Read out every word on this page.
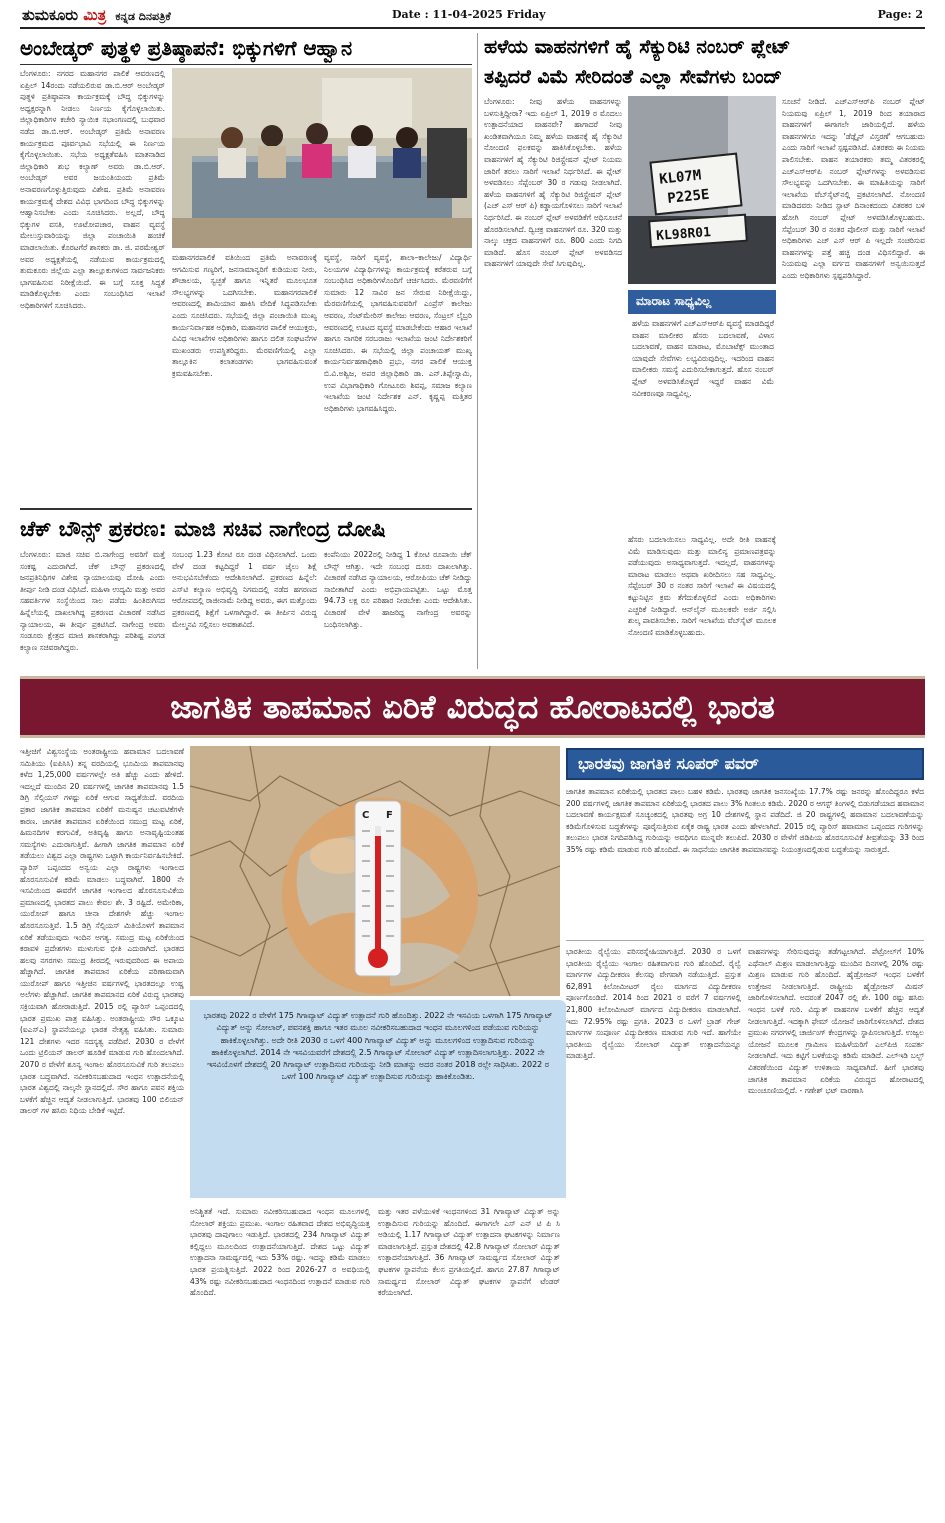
ತುಮಕೂರು ಮಿತ್ರ ಕನ್ನಡ ದಿನಪತ್ರಿಕೆ	Date : 11-04-2025 Friday	Page: 2
ಅಂಬೇಡ್ಕರ್ ಪುತ್ಥಳಿ ಪ್ರತಿಷ್ಠಾಪನೆ: ಭಿಕ್ಕುಗಳಿಗೆ ಆಹ್ವಾನ
ಬೆಂಗಳೂರು: ನಗರದ ಮಹಾನಗರ ಪಾಲಿಕೆ ಆವರಣದಲ್ಲಿ ಏಪ್ರಿಲ್ 14ರಂದು ನಡೆಯಲಿರುವ ಡಾ.ಬಿ.ಆರ್ ಅಂಬೇಡ್ಕರ್ ಪುತ್ಥಳಿ ಪ್ರತಿಷ್ಠಾಪನಾ ಕಾರ್ಯಕ್ರಮಕ್ಕೆ ಬೌದ್ಧ ಭಿಕ್ಕುಗಳನ್ನು ಅಧ್ಯಕ್ಷರನ್ನಾಗಿ ನೀಡಲು ನಿರ್ಣಯ ಕೈಗೊಳ್ಳಲಾಯಿತು. ಜಿಲ್ಲಾಧಿಕಾರಿಗಳ ಕಚೇರಿ ನ್ಯಾಯಿಕ ಸಭಾಂಗಣದಲ್ಲಿ ಬುಧವಾರ ನಡೆದ ಡಾ.ಬಿ.ಆರ್. ಅಂಬೇಡ್ಕರ್ ಪ್ರತಿಮೆ ಅನಾವರಣ ಕಾರ್ಯಕ್ರಮದ ಪೂರ್ವಭಾವಿ ಸಭೆಯಲ್ಲಿ ಈ ನಿರ್ಣಯ ಕೈಗೊಳ್ಳಲಾಯಿತು. ಸಭೆಯ ಅಧ್ಯಕ್ಷತೆವಹಿಸಿ ಮಾತನಾಡಿದ ಜಿಲ್ಲಾಧಿಕಾರಿ ಶುಭ ಕಲ್ಯಾಣ್ ಅವರು ಡಾ.ಬಿ.ಆರ್. ಅಂಬೇಡ್ಕರ್ ಅವರ ಜಯಂತಿಯಂದು ಪ್ರತಿಮೆ ಅನಾವರಣಗೊಳ್ಳುತ್ತಿರುವುದು ವಿಶೇಷ. ಪ್ರತಿಮೆ ಅನಾವರಣ ಕಾರ್ಯಕ್ರಮಕ್ಕೆ ದೇಶದ ವಿವಿಧ ಭಾಗದಿಂದ ಬೌದ್ಧ ಭಿಕ್ಕುಗಳನ್ನು ಆಹ್ವಾನಿಸಬೇಕು ಎಂದು ಸೂಚಿಸಿದರು. ಅಲ್ಲದೆ, ಬೌದ್ಧ ಭಿಕ್ಕುಗಳ ವಸತಿ, ಊಟೋಪಚಾರ, ವಾಹನ ವ್ಯವಸ್ಥೆ ಮೇಲುಸ್ತುವಾರಿಯನ್ನು ಜಿಲ್ಲಾ ಪಂಚಾಯಿತಿ ಹಂಚಿಕೆ ಮಾಡಲಾಯಿತು. ಕೊರಟಗೆರೆ ಶಾಸಕರು ಡಾ. ಜಿ. ಪರಮೇಶ್ವರ್ ಅವರ ಅಧ್ಯಕ್ಷತೆಯಲ್ಲಿ ನಡೆಯುವ ಕಾರ್ಯಕ್ರಮದಲ್ಲಿ ತುಮಕೂರು ಜಿಲ್ಲೆಯ ಎಲ್ಲಾ ತಾಲ್ಲೂಕುಗಳಿಂದ ಸಾರ್ವಜನಿಕರು ಭಾಗವಹಿಸುವ ನಿರೀಕ್ಷೆಯಿದೆ. ಈ ಬಗ್ಗೆ ಸೂಕ್ತ ಸಿದ್ಧತೆ ಮಾಡಿಕೊಳ್ಳಬೇಕು ಎಂದು ಸಂಬಂಧಿಸಿದ ಇಲಾಖೆ ಅಧಿಕಾರಿಗಳಿಗೆ ಸೂಚಿಸಿದರು.
ಮಹಾನಗರಪಾಲಿಕೆ ವತಿಯಿಂದ ಪ್ರತಿಮೆ ಅನಾವರಣಕ್ಕೆ ಆಗಮಿಸುವ ಗಣ್ಯರಿಗೆ, ಜನಸಾಮಾನ್ಯರಿಗೆ ಕುಡಿಯುವ ನೀರು, ಶೌಚಾಲಯ, ಸ್ವಚ್ಛತೆ ಹಾಗೂ ಇನ್ನಿತರೆ ಮೂಲಭೂತ ಸೌಲಭ್ಯಗಳನ್ನು ಒದಗಿಸಬೇಕು. ಮಹಾನಗರಪಾಲಿಕೆ ಆವರಣದಲ್ಲಿ ಶಾಮಿಯಾನ ಹಾಕಿಸಿ ವೇದಿಕೆ ಸಿದ್ಧಪಡಿಸಬೇಕು ಎಂದು ಸೂಚಿಸಿದರು. ಸಭೆಯಲ್ಲಿ ಜಿಲ್ಲಾ ಪಂಚಾಯಿತಿ ಮುಖ್ಯ ಕಾರ್ಯನಿರ್ವಾಹಕ ಅಧಿಕಾರಿ, ಮಹಾನಗರ ಪಾಲಿಕೆ ಆಯುಕ್ತರು, ವಿವಿಧ ಇಲಾಖೆಗಳ ಅಧಿಕಾರಿಗಳು ಹಾಗೂ ದಲಿತ ಸಂಘಟನೆಗಳ ಮುಖಂಡರು ಉಪಸ್ಥಿತರಿದ್ದರು. ಮೆರವಣಿಗೆಯಲ್ಲಿ ಎಲ್ಲಾ ತಾಲ್ಲೂಕಿನ ಕಲಾತಂಡಗಳು ಭಾಗವಹಿಸುವಂತೆ ಕ್ರಮವಹಿಸಬೇಕು.
ವ್ಯವಸ್ಥೆ, ಸಾರಿಗೆ ವ್ಯವಸ್ಥೆ, ಶಾಲಾ–ಕಾಲೇಜು/ ವಿದ್ಯಾರ್ಥಿ ನಿಲಯಗಳ ವಿದ್ಯಾರ್ಥಿಗಳನ್ನು ಕಾರ್ಯಕ್ರಮಕ್ಕೆ ಕರೆತರುವ ಬಗ್ಗೆ ಸಂಬಂಧಿಸಿದ ಅಧಿಕಾರಿಗಳೊಂದಿಗೆ ಚರ್ಚಿಸಿದರು. ಮೆರವಣಿಗೆಗೆ ಸುಮಾರು 12 ಸಾವಿರ ಜನ ಸೇರುವ ನಿರೀಕ್ಷೆಯಿದ್ದು, ಮೆರವಣಿಗೆಯಲ್ಲಿ ಭಾಗವಹಿಸುವವರಿಗೆ ಎಂಪ್ರೆಸ್ ಕಾಲೇಜು ಆವರಣ, ಸೆಂಟ್‌ಮೇರಿಸ್ ಕಾಲೇಜು ಆವರಣ, ಸೆಂಟ್ರಲ್ ಲೈಬ್ರರಿ ಆವರಣದಲ್ಲಿ ಊಟದ ವ್ಯವಸ್ಥೆ ಮಾಡಬೇಕೆಂದು ಆಹಾರ ಇಲಾಖೆ ಹಾಗೂ ನಾಗರಿಕ ಸರಬರಾಜು ಇಲಾಖೆಯ ಜಂಟಿ ನಿರ್ದೇಶಕರಿಗೆ ಸೂಚಿಸಿದರು. ಈ ಸಭೆಯಲ್ಲಿ ಜಿಲ್ಲಾ ಪಂಚಾಯತ್ ಮುಖ್ಯ ಕಾರ್ಯನಿರ್ವಹಣಾಧಿಕಾರಿ ಪ್ರಭು, ನಗರ ಪಾಲಿಕೆ ಆಯುಕ್ತ ಬಿ.ವಿ.ಅಶ್ವಿಜ, ಅಪರ ಜಿಲ್ಲಾಧಿಕಾರಿ ಡಾ. ಎನ್.ತಿಪ್ಪೇಸ್ವಾಮಿ, ಉಪ ವಿಭಾಗಾಧಿಕಾರಿ ಗೋಟೂರು ಶಿವಪ್ಪ, ಸಮಾಜ ಕಲ್ಯಾಣ ಇಲಾಖೆಯ ಜಂಟಿ ನಿರ್ದೇಶಕ ಎನ್. ಕೃಷ್ಣಪ್ಪ ಮತ್ತಿತರ ಅಧಿಕಾರಿಗಳು ಭಾಗವಹಿಸಿದ್ದರು.
ಚೆಕ್ ಬೌನ್ಸ್ ಪ್ರಕರಣ: ಮಾಜಿ ಸಚಿವ ನಾಗೇಂದ್ರ ದೋಷಿ
ಬೆಂಗಳೂರು: ಮಾಜಿ ಸಚಿವ ಬಿ.ನಾಗೇಂದ್ರ ಅವರಿಗೆ ಮತ್ತೆ ಸಂಕಷ್ಟ ಎದುರಾಗಿದೆ. ಚೆಕ್ ಬೌನ್ಸ್ ಪ್ರಕರಣದಲ್ಲಿ ಜನಪ್ರತಿನಿಧಿಗಳ ವಿಶೇಷ ನ್ಯಾಯಾಲಯವು ದೋಷಿ ಎಂದು ತೀರ್ಪು ನೀಡಿ ದಂಡ ವಿಧಿಸಿದೆ. ಮಹಿಳಾ ಉದ್ಯಮಿ ಮತ್ತು ಅವರ ಸಹವರ್ತಿಗಳ ಸಂಸ್ಥೆಯಿಂದ ಸಾಲ ಪಡೆದು ಹಿಂತಿರುಗಿಸದ ಹಿನ್ನೆಲೆಯಲ್ಲಿ ದಾಖಲಾಗಿದ್ದ ಪ್ರಕರಣದ ವಿಚಾರಣೆ ನಡೆಸಿದ ನ್ಯಾಯಾಲಯ, ಈ ತೀರ್ಪು ಪ್ರಕಟಿಸಿದೆ. ನಾಗೇಂದ್ರ ಅವರು ಸಂಡೂರು ಕ್ಷೇತ್ರದ ಮಾಜಿ ಶಾಸಕರಾಗಿದ್ದು ಪರಿಶಿಷ್ಟ ಪಂಗಡ ಕಲ್ಯಾಣ ಸಚಿವರಾಗಿದ್ದರು.
ಸಂಬಂಧ 1.23 ಕೋಟಿ ರೂ ದಂಡ ವಿಧಿಸಲಾಗಿದೆ. ಒಂದು ವೇಳೆ ದಂಡ ಕಟ್ಟದಿದ್ದರೆ 1 ವರ್ಷ ಜೈಲು ಶಿಕ್ಷೆ ಅನುಭವಿಸಬೇಕೆಂದು ಆದೇಶಿಸಲಾಗಿದೆ. ಪ್ರಕರಣದ ಹಿನ್ನೆಲೆ: ಎಸ್‌ಟಿ ಕಲ್ಯಾಣ ಅಭಿವೃದ್ಧಿ ನಿಗಮದಲ್ಲಿ ನಡೆದ ಹಗರಣದ ಆರೋಪದಲ್ಲಿ ರಾಜೀನಾಮೆ ನೀಡಿದ್ದ ಅವರು, ಈಗ ಮತ್ತೊಂದು ಪ್ರಕರಣದಲ್ಲಿ ಶಿಕ್ಷೆಗೆ ಒಳಗಾಗಿದ್ದಾರೆ. ಈ ತೀರ್ಪಿನ ವಿರುದ್ಧ ಮೇಲ್ಮನವಿ ಸಲ್ಲಿಸಲು ಅವಕಾಶವಿದೆ.
ಕಂಪೆನಿಯು 2022ರಲ್ಲಿ ನೀಡಿದ್ದ 1 ಕೋಟಿ ರೂಪಾಯಿ ಚೆಕ್ ಬೌನ್ಸ್ ಆಗಿತ್ತು. ಇದೇ ಸಂಬಂಧ ದೂರು ದಾಖಲಾಗಿತ್ತು. ವಿಚಾರಣೆ ನಡೆಸಿದ ನ್ಯಾಯಾಲಯ, ಆರೋಪಿಯು ಚೆಕ್ ನೀಡಿದ್ದು ಸಾಬೀತಾಗಿದೆ ಎಂದು ಅಭಿಪ್ರಾಯಪಟ್ಟಿತು. ಒಟ್ಟು ಮೊತ್ತ 94.73 ಲಕ್ಷ ರೂ ಪರಿಹಾರ ನೀಡಬೇಕು ಎಂದು ಆದೇಶಿಸಿತು. ವಿಚಾರಣೆ ವೇಳೆ ಹಾಜರಿದ್ದ ನಾಗೇಂದ್ರ ಅವರನ್ನು ಬಂಧಿಸಲಾಗಿತ್ತು.
ಹಳೆಯ ವಾಹನಗಳಿಗೆ ಹೈ ಸೆಕ್ಯುರಿಟಿ ನಂಬರ್ ಪ್ಲೇಟ್
ತಪ್ಪಿದರೆ ವಿಮೆ ಸೇರಿದಂತೆ ಎಲ್ಲಾ ಸೇವೆಗಳು ಬಂದ್
ಬೆಂಗಳೂರು: ನೀವು ಹಳೆಯ ವಾಹನಗಳನ್ನು ಬಳಸುತ್ತಿದ್ದೀರಾ? ಇದು ಏಪ್ರಿಲ್ 1, 2019 ರ ಮೊದಲು ಉತ್ಪಾದನೆಯಾದ ವಾಹನವೇ? ಹಾಗಾದರೆ ನೀವು ಖಂಡಿತವಾಗಿಯೂ ನಿಮ್ಮ ಹಳೆಯ ವಾಹನಕ್ಕೆ ಹೈ ಸೆಕ್ಯುರಿಟಿ ನೋಂದಣಿ ಫಲಕವನ್ನು ಹಾಕಿಸಿಕೊಳ್ಳಬೇಕು. ಹಳೆಯ ವಾಹನಗಳಿಗೆ ಹೈ ಸೆಕ್ಯುರಿಟಿ ರಿಜಿಸ್ಟ್ರೇಷನ್ ಪ್ಲೇಟ್ ನಿಯಮ ಜಾರಿಗೆ ತರಲು ಸಾರಿಗೆ ಇಲಾಖೆ ನಿರ್ಧರಿಸಿದೆ. ಈ ಪ್ಲೇಟ್ ಅಳವಡಿಸಲು ಸೆಪ್ಟೆಂಬರ್ 30 ರ ಗಡುವು ನೀಡಲಾಗಿದೆ. ಹಳೆಯ ವಾಹನಗಳಿಗೆ ಹೈ ಸೆಕ್ಯುರಿಟಿ ರಿಜಿಸ್ಟ್ರೇಷನ್ ಪ್ಲೇಟ್ (ಎಚ್ ಎಸ್ ಆರ್ ಪಿ) ಕಡ್ಡಾಯಗೊಳಿಸಲು ಸಾರಿಗೆ ಇಲಾಖೆ ನಿರ್ಧರಿಸಿದೆ. ಈ ನಂಬರ್ ಪ್ಲೇಟ್ ಅಳವಡಿಕೆಗೆ ಅಧಿಸೂಚನೆ ಹೊರಡಿಸಲಾಗಿದೆ. ದ್ವಿಚಕ್ರ ವಾಹನಗಳಿಗೆ ರೂ. 320 ಮತ್ತು ನಾಲ್ಕು ಚಕ್ರದ ವಾಹನಗಳಿಗೆ ರೂ. 800 ಎಂದು ನಿಗದಿ ಮಾಡಿದೆ. ಹೊಸ ನಂಬರ್ ಪ್ಲೇಟ್ ಅಳವಡಿಸದ ವಾಹನಗಳಿಗೆ ಯಾವುದೇ ಸೇವೆ ಸಿಗುವುದಿಲ್ಲ.
KL07M
P225E
KL98R01
ಮಾರಾಟ ಸಾಧ್ಯವಿಲ್ಲ
ಹಳೆಯ ವಾಹನಗಳಿಗೆ ಎಚ್‌ಎಸ್‌ಆರ್‌ಪಿ ವ್ಯವಸ್ಥೆ ಮಾಡದಿದ್ದರೆ ವಾಹನ ಮಾಲೀಕರ ಹೆಸರು ಬದಲಾವಣೆ, ವಿಳಾಸ ಬದಲಾವಣೆ, ವಾಹನ ಮಾರಾಟ, ಮೊಬಾಟೆಕ್ಸ್ ಮುಂತಾದ ಯಾವುದೇ ಸೇವೆಗಳು ಲಭ್ಯವಿರುವುದಿಲ್ಲ. ಇದರಿಂದ ವಾಹನ ಮಾಲೀಕರು ಸಮಸ್ಯೆ ಎದುರಿಸಬೇಕಾಗುತ್ತದೆ. ಹೊಸ ನಂಬರ್ ಪ್ಲೇಟ್ ಅಳವಡಿಸಿಕೊಳ್ಳದೆ ಇದ್ದರೆ ವಾಹನ ವಿಮೆ ನವೀಕರಣವೂ ಸಾಧ್ಯವಿಲ್ಲ.
ಹೆಸರು ಬದಲಾಯಿಸಲು ಸಾಧ್ಯವಿಲ್ಲ. ಅದೇ ರೀತಿ ವಾಹನಕ್ಕೆ ವಿಮೆ ಮಾಡಿಸುವುದು ಮತ್ತು ಮಾಲಿನ್ಯ ಪ್ರಮಾಣಪತ್ರವನ್ನು ಪಡೆಯುವುದು ಅಸಾಧ್ಯವಾಗುತ್ತದೆ. ಇದಲ್ಲದೆ, ವಾಹನಗಳನ್ನು ಮಾರಾಟ ಮಾಡಲು ಅಥವಾ ಖರೀದಿಸಲು ಸಹ ಸಾಧ್ಯವಿಲ್ಲ. ಸೆಪ್ಟೆಂಬರ್ 30 ರ ನಂತರ ಸಾರಿಗೆ ಇಲಾಖೆ ಈ ವಿಷಯದಲ್ಲಿ ಕಟ್ಟುನಿಟ್ಟಿನ ಕ್ರಮ ತೆಗೆದುಕೊಳ್ಳಲಿದೆ ಎಂದು ಅಧಿಕಾರಿಗಳು ಎಚ್ಚರಿಕೆ ನೀಡಿದ್ದಾರೆ. ಆನ್‌ಲೈನ್ ಮೂಲಕವೇ ಅರ್ಜಿ ಸಲ್ಲಿಸಿ ಶುಲ್ಕ ಪಾವತಿಸಬೇಕು. ಸಾರಿಗೆ ಇಲಾಖೆಯ ವೆಬ್‌ಸೈಟ್ ಮೂಲಕ ನೋಂದಣಿ ಮಾಡಿಕೊಳ್ಳಬಹುದು.
ಸೂಚನೆ ನೀಡಿದೆ. ಎಚ್‌ಎಸ್‌ಆರ್‌ಪಿ ನಂಬರ್ ಪ್ಲೇಟ್ ನಿಯಮವು ಏಪ್ರಿಲ್ 1, 2019 ರಿಂದ ತಯಾರಾದ ವಾಹನಗಳಿಗೆ ಈಗಾಗಲೇ ಜಾರಿಯಲ್ಲಿದೆ. ಹಳೆಯ ವಾಹನಗಳಿಗೂ ಇದನ್ನು 'ಡೆಡ್ಲೈನ್ ವಿಸ್ತರಣೆ' ಆಗಬಹುದು ಎಂದು ಸಾರಿಗೆ ಇಲಾಖೆ ಸ್ಪಷ್ಟಪಡಿಸಿದೆ. ವಿತರಕರು ಈ ನಿಯಮ ಪಾಲಿಸಬೇಕು. ವಾಹನ ತಯಾರಕರು ತಮ್ಮ ವಿತರಕರಲ್ಲಿ ಎಚ್‌ಎಸ್‌ಆರ್‌ಪಿ ನಂಬರ್ ಪ್ಲೇಟ್‌ಗಳನ್ನು ಅಳವಡಿಸುವ ಸೌಲಭ್ಯವನ್ನು ಒದಗಿಸಬೇಕು. ಈ ಮಾಹಿತಿಯನ್ನು ಸಾರಿಗೆ ಇಲಾಖೆಯ ವೆಬ್‌ಸೈಟ್‌ನಲ್ಲಿ ಪ್ರಕಟಿಸಲಾಗಿದೆ. ನೋಂದಣಿ ಮಾಡಿದವರು ನೀಡಿದ ಸ್ಲಾಟ್ ದಿನಾಂಕದಂದು ವಿತರಕರ ಬಳಿ ಹೋಗಿ ನಂಬರ್ ಪ್ಲೇಟ್ ಅಳವಡಿಸಿಕೊಳ್ಳಬಹುದು. ಸೆಪ್ಟೆಂಬರ್ 30 ರ ನಂತರ ಪೊಲೀಸ್ ಮತ್ತು ಸಾರಿಗೆ ಇಲಾಖೆ ಅಧಿಕಾರಿಗಳು ಎಚ್ ಎಸ್ ಆರ್ ಪಿ ಇಲ್ಲದೇ ಸಂಚರಿಸುವ ವಾಹನಗಳನ್ನು ಪತ್ತೆ ಹಚ್ಚಿ ದಂಡ ವಿಧಿಸಲಿದ್ದಾರೆ. ಈ ನಿಯಮವು ಎಲ್ಲಾ ವರ್ಗದ ವಾಹನಗಳಿಗೆ ಅನ್ವಯಿಸುತ್ತದೆ ಎಂದು ಅಧಿಕಾರಿಗಳು ಸ್ಪಷ್ಟಪಡಿಸಿದ್ದಾರೆ.
ಜಾಗತಿಕ ತಾಪಮಾನ ಏರಿಕೆ ವಿರುದ್ಧದ ಹೋರಾಟದಲ್ಲಿ ಭಾರತ
ಇತ್ತೀಚಿಗೆ ವಿಶ್ವಸಂಸ್ಥೆಯ ಅಂತರಾಷ್ಟ್ರೀಯ ಹವಾಮಾನ ಬದಲಾವಣೆ ಸಮಿತಿಯು (ಐಪಿಸಿಸಿ) ತನ್ನ ವರದಿಯಲ್ಲಿ ಭೂಮಿಯ ತಾಪಮಾನವು ಕಳೆದ 1,25,000 ವರ್ಷಗಳಲ್ಲೇ ಅತಿ ಹೆಚ್ಚು ಎಂದು ಹೇಳಿದೆ. ಇದಲ್ಲದೆ ಮುಂದಿನ 20 ವರ್ಷಗಳಲ್ಲಿ ಜಾಗತಿಕ ತಾಪಮಾನವು 1.5 ಡಿಗ್ರಿ ಸೆಲ್ಸಿಯಸ್ ಗಳಷ್ಟು ಏರಿಕೆ ಆಗುವ ಸಾಧ್ಯತೆಯಿದೆ. ವರದಿಯ ಪ್ರಕಾರ ಜಾಗತಿಕ ತಾಪಮಾನ ಏರಿಕೆಗೆ ಮನುಷ್ಯನ ಚಟುವಟಿಕೆಗಳೇ ಕಾರಣ. ಜಾಗತಿಕ ತಾಪಮಾನ ಏರಿಕೆಯಿಂದ ಸಮುದ್ರ ಮಟ್ಟ ಏರಿಕೆ, ಹಿಮನದಿಗಳ ಕರಗುವಿಕೆ, ಅತಿವೃಷ್ಟಿ ಹಾಗೂ ಅನಾವೃಷ್ಟಿಯಂತಹ ಸಮಸ್ಯೆಗಳು ಎದುರಾಗುತ್ತಿವೆ. ಹೀಗಾಗಿ ಜಾಗತಿಕ ತಾಪಮಾನ ಏರಿಕೆ ತಡೆಯಲು ವಿಶ್ವದ ಎಲ್ಲಾ ರಾಷ್ಟ್ರಗಳು ಒಟ್ಟಾಗಿ ಕಾರ್ಯನಿರ್ವಹಿಸಬೇಕಿದೆ. ಪ್ಯಾರಿಸ್ ಒಪ್ಪಂದದ ಅನ್ವಯ ಎಲ್ಲಾ ರಾಷ್ಟ್ರಗಳು ಇಂಗಾಲದ ಹೊರಸೂಸುವಿಕೆ ಕಡಿಮೆ ಮಾಡಲು ಬದ್ಧವಾಗಿವೆ. 1800 ನೇ ಇಸವಿಯಿಂದ ಈವರೆಗೆ ಜಾಗತಿಕ ಇಂಗಾಲದ ಹೊರಸೂಸುವಿಕೆಯ ಪ್ರಮಾಣದಲ್ಲಿ ಭಾರತದ ಪಾಲು ಕೇವಲ ಶೇ. 3 ರಷ್ಟಿದೆ. ಅಮೇರಿಕಾ, ಯುರೋಪ್ ಹಾಗೂ ಚೀನಾ ದೇಶಗಳೇ ಹೆಚ್ಚು ಇಂಗಾಲ ಹೊರಸೂಸುತ್ತಿವೆ. 1.5 ಡಿಗ್ರಿ ಸೆಲ್ಸಿಯಸ್ ಮಿತಿಯೊಳಗೆ ತಾಪಮಾನ ಏರಿಕೆ ತಡೆಯುವುದು ಇಂದಿನ ಅಗತ್ಯ. ಸಮುದ್ರ ಮಟ್ಟ ಏರಿಕೆಯಿಂದ ಕರಾವಳಿ ಪ್ರದೇಶಗಳು ಮುಳುಗುವ ಭೀತಿ ಎದುರಾಗಿದೆ. ಭಾರತದ ಹಲವು ನಗರಗಳು ಸಮುದ್ರ ತೀರದಲ್ಲಿ ಇರುವುದರಿಂದ ಈ ಅಪಾಯ ಹೆಚ್ಚಾಗಿದೆ. ಜಾಗತಿಕ ತಾಪಮಾನ ಏರಿಕೆಯ ಪರಿಣಾಮವಾಗಿ ಯುರೋಪ್ ಹಾಗೂ ಇತ್ತೀಚಿನ ವರ್ಷಗಳಲ್ಲಿ ಭಾರತದಲ್ಲೂ ಉಷ್ಣ ಅಲೆಗಳು ಹೆಚ್ಚಾಗಿವೆ. ಜಾಗತಿಕ ತಾಪಮಾನದ ಏರಿಕೆ ವಿರುದ್ಧ ಭಾರತವು ಸಕ್ರಿಯವಾಗಿ ಹೋರಾಡುತ್ತಿದೆ. 2015 ರಲ್ಲಿ ಪ್ಯಾರಿಸ್ ಒಪ್ಪಂದದಲ್ಲಿ ಭಾರತ ಪ್ರಮುಖ ಪಾತ್ರ ವಹಿಸಿತ್ತು. ಅಂತರಾಷ್ಟ್ರೀಯ ಸೌರ ಒಕ್ಕೂಟ (ಐಎಸ್‌ಎ) ಸ್ಥಾಪನೆಯಲ್ಲೂ ಭಾರತ ನೇತೃತ್ವ ವಹಿಸಿತು. ಸುಮಾರು 121 ದೇಶಗಳು ಇದರ ಸದಸ್ಯತ್ವ ಪಡೆದಿವೆ. 2030 ರ ವೇಳೆಗೆ ಒಂದು ಟ್ರಿಲಿಯನ್ ಡಾಲರ್ ಹೂಡಿಕೆ ಮಾಡುವ ಗುರಿ ಹೊಂದಲಾಗಿದೆ. 2070 ರ ವೇಳೆಗೆ ಶೂನ್ಯ ಇಂಗಾಲ ಹೊರಸೂಸುವಿಕೆ ಗುರಿ ತಲುಪಲು ಭಾರತ ಬದ್ಧವಾಗಿದೆ. ನವೀಕರಿಸಬಹುದಾದ ಇಂಧನ ಉತ್ಪಾದನೆಯಲ್ಲಿ ಭಾರತ ವಿಶ್ವದಲ್ಲಿ ನಾಲ್ಕನೇ ಸ್ಥಾನದಲ್ಲಿದೆ. ಸೌರ ಹಾಗೂ ಪವನ ಶಕ್ತಿಯ ಬಳಕೆಗೆ ಹೆಚ್ಚಿನ ಆದ್ಯತೆ ನೀಡಲಾಗುತ್ತಿದೆ. ಭಾರತವು 100 ಬಿಲಿಯನ್ ಡಾಲರ್ ಗಳ ಹಸಿರು ನಿಧಿಯ ಬೇಡಿಕೆ ಇಟ್ಟಿದೆ.
C F
ಭಾರತವು 2022 ರ ವೇಳೆಗೆ 175 ಗಿಗಾವ್ಯಾಟ್ ವಿದ್ಯುತ್ ಉತ್ಪಾದನೆ ಗುರಿ ಹೊಂದಿತ್ತು. 2022 ನೇ ಇಸವಿಯ ಒಳಗಾಗಿ 175 ಗಿಗಾವ್ಯಾಟ್ ವಿದ್ಯುತ್ ಅನ್ನು ಸೋಲಾರ್, ಪವನಶಕ್ತಿ ಹಾಗೂ ಇತರ ಮೂಲ ನವೀಕರಿಸಬಹುದಾದ ಇಂಧನ ಮೂಲಗಳಿಂದ ಪಡೆಯುವ ಗುರಿಯನ್ನು ಹಾಕಿಕೊಳ್ಳಲಾಗಿತ್ತು. ಅದೇ ರೀತಿ 2030 ರ ಒಳಗೆ 400 ಗಿಗಾವ್ಯಾಟ್ ವಿದ್ಯುತ್ ಅನ್ನು ಮೂಲಗಳಿಂದ ಉತ್ಪಾದಿಸುವ ಗುರಿಯನ್ನು ಹಾಕಿಕೊಳ್ಳಲಾಗಿದೆ. 2014 ನೇ ಇಸವಿಯವರೆಗೆ ದೇಶದಲ್ಲಿ 2.5 ಗಿಗಾವ್ಯಾಟ್ ಸೋಲಾರ್ ವಿದ್ಯುತ್ ಉತ್ಪಾದಿಸಲಾಗುತ್ತಿತ್ತು. 2022 ನೇ ಇಸವಿಯೊಳಗೆ ದೇಶದಲ್ಲಿ 20 ಗಿಗಾವ್ಯಾಟ್ ಉತ್ಪಾದಿಸುವ ಗುರಿಯನ್ನು ನೀಡಿ ಮಾತನ್ನು ಅದರ ನಂತರ 2018 ರಲ್ಲೇ ಸಾಧಿಸಿತು. 2022 ರ ಒಳಗೆ 100 ಗಿಗಾವ್ಯಾಟ್ ವಿದ್ಯುತ್ ಉತ್ಪಾದಿಸುವ ಗುರಿಯನ್ನು ಹಾಕಿಕೊಂಡಿತು.
ಅನಿಶ್ಚಿತತೆ ಇದೆ. ಸುಮಾರು ನವೀಕರಿಸಬಹುದಾದ ಇಂಧನ ಮೂಲಗಳಲ್ಲಿ ಸೋಲಾರ್ ಶಕ್ತಿಯು ಪ್ರಮುಖ. ಇಂಗಾಲ ರಹಿತವಾದ ದೇಶದ ಅಭಿವೃದ್ಧಿಯತ್ತ ಭಾರತವು ದಾಪುಗಾಲು ಇಡುತ್ತಿದೆ. ಭಾರತದಲ್ಲಿ 234 ಗಿಗಾವ್ಯಾಟ್ ವಿದ್ಯುತ್ ಕಲ್ಲಿದ್ದಲು ಮೂಲದಿಂದ ಉತ್ಪಾದನೆಯಾಗುತ್ತಿದೆ. ದೇಶದ ಒಟ್ಟು ವಿದ್ಯುತ್ ಉತ್ಪಾದನಾ ಸಾಮರ್ಥ್ಯದಲ್ಲಿ ಇದು 53% ರಷ್ಟು. ಇದನ್ನು ಕಡಿಮೆ ಮಾಡಲು ಭಾರತ ಪ್ರಯತ್ನಿಸುತ್ತಿದೆ. 2022 ರಿಂದ 2026-27 ರ ಅವಧಿಯಲ್ಲಿ 43% ರಷ್ಟು ನವೀಕರಿಸಬಹುದಾದ ಇಂಧನದಿಂದ ಉತ್ಪಾದನೆ ಮಾಡುವ ಗುರಿ ಹೊಂದಿದೆ.
ಮತ್ತು ಇತರ ಪಳೆಯುಳಿಕೆ ಇಂಧನಗಳಿಂದ 31 ಗಿಗಾವ್ಯಾಟ್ ವಿದ್ಯುತ್ ಅನ್ನು ಉತ್ಪಾದಿಸುವ ಗುರಿಯನ್ನು ಹೊಂದಿದೆ. ಈಗಾಗಲೇ ಎಸ್ ಎನ್ ಟಿ ಪಿ ಸಿ ಅಡಿಯಲ್ಲಿ 1.17 ಗಿಗಾವ್ಯಾಟ್ ವಿದ್ಯುತ್ ಉತ್ಪಾದನಾ ಘಟಕಗಳನ್ನು ನಿರ್ಮಾಣ ಮಾಡಲಾಗುತ್ತಿದೆ. ಪ್ರಸ್ತುತ ದೇಶದಲ್ಲಿ 42.8 ಗಿಗಾವ್ಯಾಟ್ ಸೋಲಾರ್ ವಿದ್ಯುತ್ ಉತ್ಪಾದನೆಯಾಗುತ್ತಿದೆ. 36 ಗಿಗಾವ್ಯಾಟ್ ಸಾಮರ್ಥ್ಯದ ಸೋಲಾರ್ ವಿದ್ಯುತ್ ಘಟಕಗಳ ಸ್ಥಾಪನೆಯ ಕೆಲಸ ಪ್ರಗತಿಯಲ್ಲಿದೆ. ಹಾಗೂ 27.87 ಗಿಗಾವ್ಯಾಟ್ ಸಾಮರ್ಥ್ಯದ ಸೋಲಾರ್ ವಿದ್ಯುತ್ ಘಟಕಗಳ ಸ್ಥಾಪನೆಗೆ ಟೆಂಡರ್ ಕರೆಯಲಾಗಿದೆ.
ಭಾರತವು ಜಾಗತಿಕ ಸೂಪರ್ ಪವರ್
ಜಾಗತಿಕ ತಾಪಮಾನ ಏರಿಕೆಯಲ್ಲಿ ಭಾರತದ ಪಾಲು ಬಹಳ ಕಡಿಮೆ. ಭಾರತವು ಜಾಗತಿಕ ಜನಸಂಖ್ಯೆಯ 17.7% ರಷ್ಟು ಜನರನ್ನು ಹೊಂದಿದ್ದರೂ ಕಳೆದ 200 ವರ್ಷಗಳಲ್ಲಿ ಜಾಗತಿಕ ತಾಪಮಾನ ಏರಿಕೆಯಲ್ಲಿ ಭಾರತದ ಪಾಲು 3% ಗಿಂತಲೂ ಕಡಿಮೆ. 2020 ರ ಆಗಸ್ಟ್ ತಿಂಗಳಲ್ಲಿ ಬಿಡುಗಡೆಯಾದ ಹವಾಮಾನ ಬದಲಾವಣೆ ಕಾರ್ಯಕ್ಷಮತೆ ಸೂಚ್ಯಂಕದಲ್ಲಿ ಭಾರತವು ಅಗ್ರ 10 ದೇಶಗಳಲ್ಲಿ ಸ್ಥಾನ ಪಡೆದಿದೆ. ಜಿ 20 ರಾಷ್ಟ್ರಗಳಲ್ಲಿ ಹವಾಮಾನ ಬದಲಾವಣೆಯನ್ನು ಕಡಿಮೆಗೊಳಿಸುವ ಬದ್ಧತೆಗಳನ್ನು ಪೂರೈಸುತ್ತಿರುವ ಏಕೈಕ ರಾಷ್ಟ್ರ ಭಾರತ ಎಂದು ಹೇಳಲಾಗಿದೆ. 2015 ರಲ್ಲಿ ಪ್ಯಾರಿಸ್ ಹವಾಮಾನ ಒಪ್ಪಂದದ ಗುರಿಗಳನ್ನು ತಲುಪಲು ಭಾರತ ನಿಗದಿಪಡಿಸಿದ್ದ ಗುರಿಯನ್ನು ಅವಧಿಗೂ ಮುನ್ನವೇ ತಲುಪಿದೆ. 2030 ರ ವೇಳೆಗೆ ಜಿಡಿಪಿಯ ಹೊರಸೂಸುವಿಕೆ ತೀವ್ರತೆಯನ್ನು 33 ರಿಂದ 35% ರಷ್ಟು ಕಡಿಮೆ ಮಾಡುವ ಗುರಿ ಹೊಂದಿದೆ. ಈ ಸಾಧನೆಯು ಜಾಗತಿಕ ತಾಪಮಾನವನ್ನು ನಿಯಂತ್ರಣದಲ್ಲಿಡುವ ಬದ್ಧತೆಯನ್ನು ಸಾರುತ್ತದೆ.
ಭಾರತೀಯ ರೈಲ್ವೆಯು ಪರಿಸರಸ್ನೇಹಿಯಾಗುತ್ತಿದೆ. 2030 ರ ಒಳಗೆ ಭಾರತೀಯ ರೈಲ್ವೆಯು ಇಂಗಾಲ ರಹಿತವಾಗುವ ಗುರಿ ಹೊಂದಿದೆ. ರೈಲ್ವೆ ಮಾರ್ಗಗಳ ವಿದ್ಯುದೀಕರಣ ಕೆಲಸವು ವೇಗವಾಗಿ ನಡೆಯುತ್ತಿದೆ. ಪ್ರಸ್ತುತ 62,891 ಕಿಲೋಮೀಟರ್ ರೈಲು ಮಾರ್ಗದ ವಿದ್ಯುದೀಕರಣ ಪೂರ್ಣಗೊಂಡಿದೆ. 2014 ರಿಂದ 2021 ರ ವರೆಗೆ 7 ವರ್ಷಗಳಲ್ಲಿ 21,800 ಕಿಲೋಮೀಟರ್ ಮಾರ್ಗದ ವಿದ್ಯುದೀಕರಣ ಮಾಡಲಾಗಿದೆ. ಇದು 72.95% ರಷ್ಟು ಪ್ರಗತಿ. 2023 ರ ಒಳಗೆ ಬ್ರಾಡ್ ಗೇಜ್ ಮಾರ್ಗಗಳ ಸಂಪೂರ್ಣ ವಿದ್ಯುದೀಕರಣ ಮಾಡುವ ಗುರಿ ಇದೆ. ಹಾಗೆಯೇ ಭಾರತೀಯ ರೈಲ್ವೆಯು ಸೋಲಾರ್ ವಿದ್ಯುತ್ ಉತ್ಪಾದನೆಯನ್ನೂ ಮಾಡುತ್ತಿದೆ.
ವಾಹನಗಳನ್ನು ಸೇರಿಸುವುದನ್ನು ತಡೆಗಟ್ಟಲಾಗಿದೆ. ಪೆಟ್ರೋಲ್‌ಗೆ 10% ಎಥೆನಾಲ್ ಮಿಶ್ರಣ ಮಾಡಲಾಗುತ್ತಿದ್ದು ಮುಂದಿನ ದಿನಗಳಲ್ಲಿ 20% ರಷ್ಟು ಮಿಶ್ರಣ ಮಾಡುವ ಗುರಿ ಹೊಂದಿದೆ. ಹೈಡ್ರೋಜನ್ ಇಂಧನ ಬಳಕೆಗೆ ಉತ್ತೇಜನ ನೀಡಲಾಗುತ್ತಿದೆ. ರಾಷ್ಟ್ರೀಯ ಹೈಡ್ರೋಜನ್ ಮಿಷನ್ ಜಾರಿಗೊಳಿಸಲಾಗಿದೆ. ಅದರಂತೆ 2047 ರಲ್ಲಿ ಶೇ. 100 ರಷ್ಟು ಹಸಿರು ಇಂಧನ ಬಳಕೆ ಗುರಿ. ವಿದ್ಯುತ್ ವಾಹನಗಳ ಬಳಕೆಗೆ ಹೆಚ್ಚಿನ ಆದ್ಯತೆ ನೀಡಲಾಗುತ್ತಿದೆ. ಇದಕ್ಕಾಗಿ ಫೇಮ್ ಯೋಜನೆ ಜಾರಿಗೊಳಿಸಲಾಗಿದೆ. ದೇಶದ ಪ್ರಮುಖ ನಗರಗಳಲ್ಲಿ ಚಾರ್ಜಿಂಗ್ ಕೇಂದ್ರಗಳನ್ನು ಸ್ಥಾಪಿಸಲಾಗುತ್ತಿದೆ. ಉಜ್ವಲ ಯೋಜನೆ ಮೂಲಕ ಗ್ರಾಮೀಣ ಮಹಿಳೆಯರಿಗೆ ಎಲ್‌ಪಿಜಿ ಸಂಪರ್ಕ ನೀಡಲಾಗಿದೆ. ಇದು ಕಟ್ಟಿಗೆ ಬಳಕೆಯನ್ನು ಕಡಿಮೆ ಮಾಡಿದೆ. ಎಲ್‌ಇಡಿ ಬಲ್ಬ್ ವಿತರಣೆಯಿಂದ ವಿದ್ಯುತ್ ಉಳಿತಾಯ ಸಾಧ್ಯವಾಗಿದೆ. ಹೀಗೆ ಭಾರತವು ಜಾಗತಿಕ ತಾಪಮಾನ ಏರಿಕೆಯ ವಿರುದ್ಧದ ಹೋರಾಟದಲ್ಲಿ ಮುಂಚೂಣಿಯಲ್ಲಿದೆ. - ಗಣೇಶ್ ಭಟ್ ವಾರಣಾಸಿ
